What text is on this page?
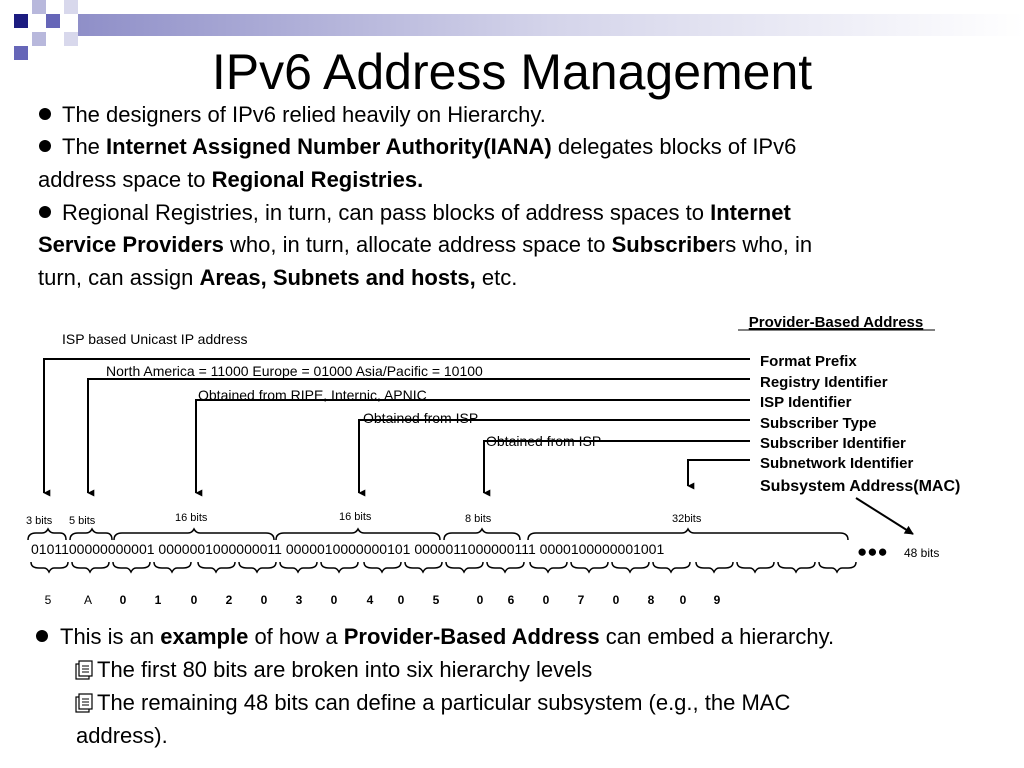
IPv6 Address Management
The designers of IPv6 relied heavily on Hierarchy.
The Internet Assigned Number Authority(IANA) delegates blocks of IPv6
address space to Regional Registries.
Regional Registries, in turn, can pass blocks of address spaces to Internet
Service Providers who, in turn, allocate address space to Subscribers who, in
turn, can assign Areas, Subnets and hosts, etc.
Provider-Based Address
ISP based Unicast IP address
Format Prefix
Registry Identifier
ISP Identifier
Subscriber Type
Subscriber Identifier
Subnetwork Identifier
Subsystem Address(MAC)
North America = 11000 Europe = 01000 Asia/Pacific = 10100
Obtained from RIPE, Internic, APNIC
Obtained from ISP
Obtained from ISP
3 bits 5 bits	16 bits	16 bits	8 bits	32bits
0101100000000001 0000001000000011 0000010000000101 0000011000000111 0000100000001001	●●● 48 bits
5	A 0 1 0 2 0 3 0 4 0 5	0 6 0 7 0 8 0 9
This is an example of how a Provider-Based Address can embed a hierarchy.
The first 80 bits are broken into six hierarchy levels
The remaining 48 bits can define a particular subsystem (e.g., the MAC
address).
